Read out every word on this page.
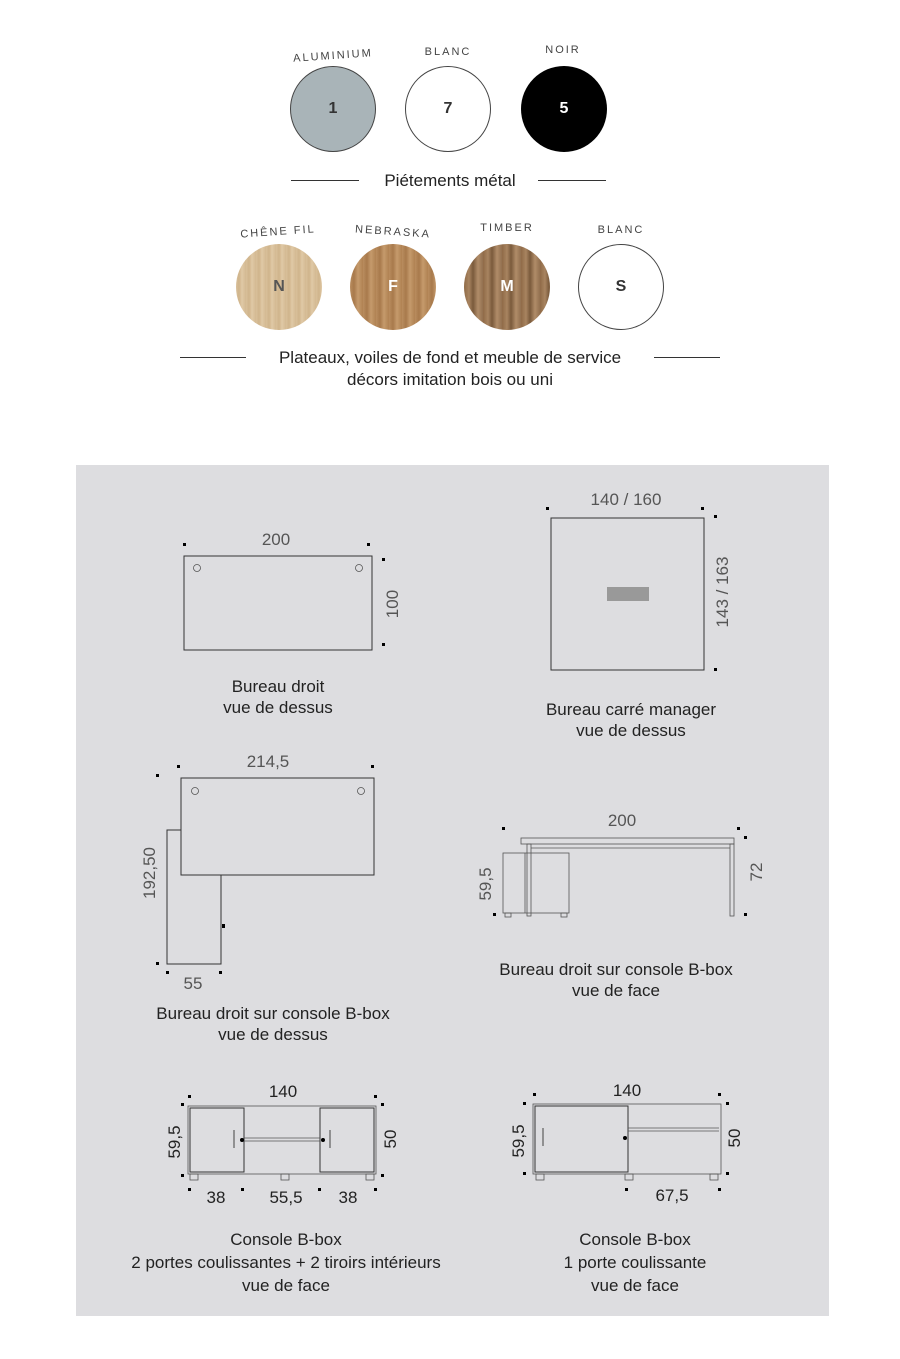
ALUMINIUM
1
BLANC
7
NOIR
5
Piétements métal
CHÊNE FIL
N
NEBRASKA
F
TIMBER
M
BLANC
S
Plateaux, voiles de fond et meuble de service
décors imitation bois ou uni
200
100
140 / 160
143 / 163
214,5
192,50
55
200
59,5	72
140
59,5	50
38	55,5 38
140
59,5	50
67,5
Bureau droit
vue de dessus	Bureau carré manager
vue de dessus
Bureau droit sur console B-box
vue de dessus
Bureau droit sur console B-box
vue de face
Console B-box
2 portes coulissantes + 2 tiroirs intérieurs
vue de face
Console B-box
1 porte coulissante
vue de face
